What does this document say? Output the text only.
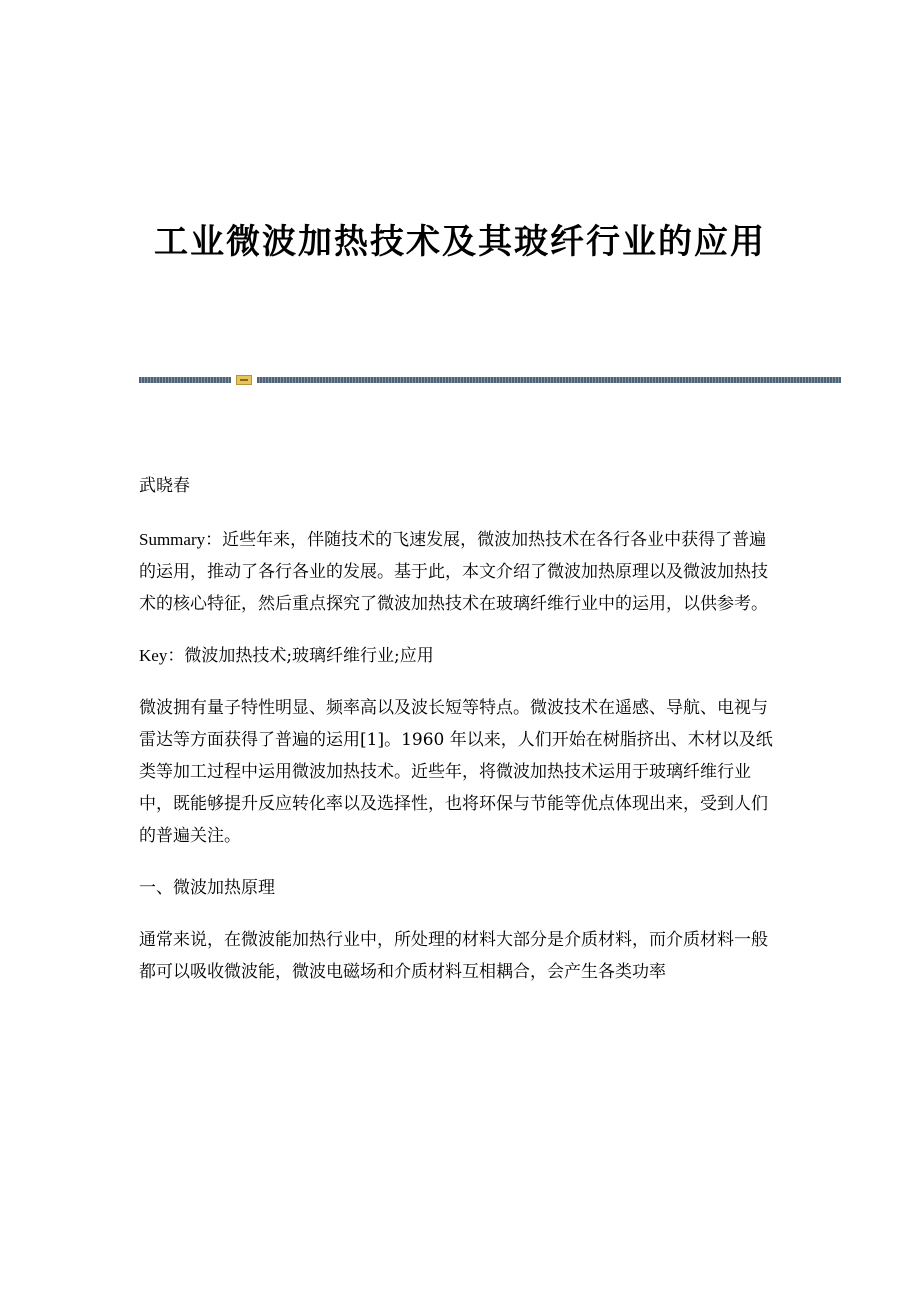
工业微波加热技术及其玻纤行业的应用

武晓春

Summary：近些年来，伴随技术的飞速发展，微波加热技术在各行各业中获得了普遍的运用，推动了各行各业的发展。基于此，本文介绍了微波加热原理以及微波加热技术的核心特征，然后重点探究了微波加热技术在玻璃纤维行业中的运用，以供参考。

Key：微波加热技术;玻璃纤维行业;应用

微波拥有量子特性明显、频率高以及波长短等特点。微波技术在遥感、导航、电视与雷达等方面获得了普遍的运用[1]。1960 年以来，人们开始在树脂挤出、木材以及纸类等加工过程中运用微波加热技术。近些年，将微波加热技术运用于玻璃纤维行业中，既能够提升反应转化率以及选择性，也将环保与节能等优点体现出来，受到人们的普遍关注。

一、微波加热原理

通常来说，在微波能加热行业中，所处理的材料大部分是介质材料，而介质材料一般都可以吸收微波能，微波电磁场和介质材料互相耦合，会产生各类功率
